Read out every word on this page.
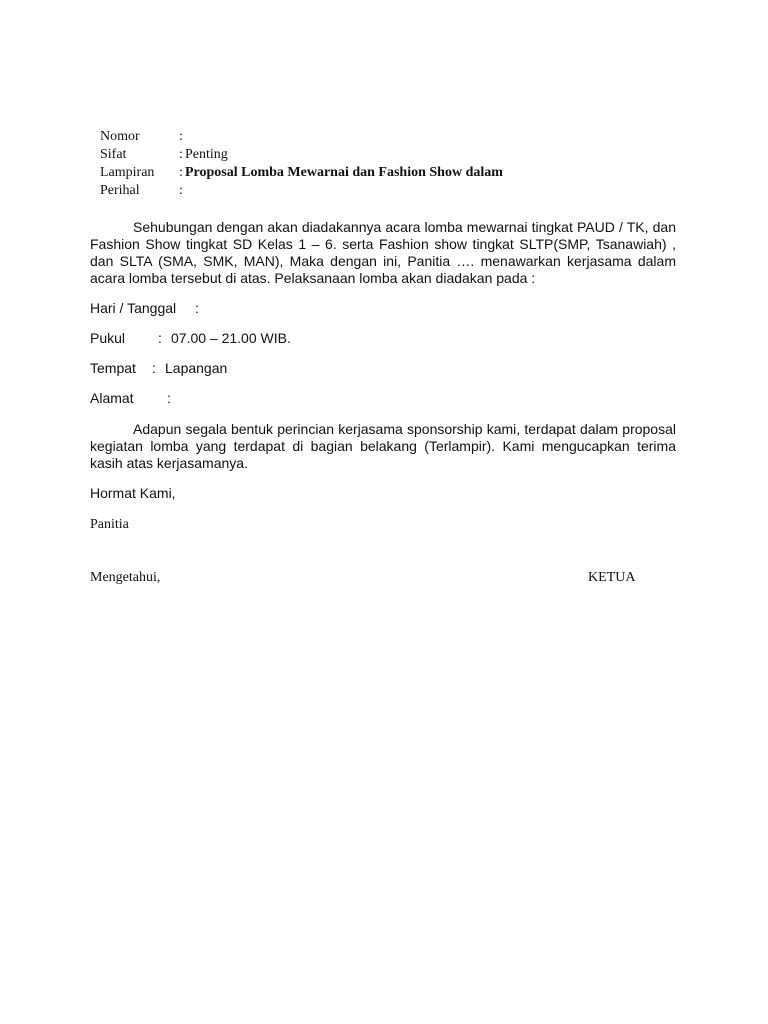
Nomor	:
Sifat	: Penting
Lampiran	: Proposal Lomba Mewarnai dan Fashion Show dalam
Perihal	:

Sehubungan dengan akan diadakannya acara lomba mewarnai tingkat PAUD / TK, dan Fashion Show tingkat SD Kelas 1 – 6. serta Fashion show tingkat SLTP(SMP, Tsanawiah) , dan SLTA (SMA, SMK, MAN), Maka dengan ini, Panitia …. menawarkan kerjasama dalam acara lomba tersebut di atas. Pelaksanaan lomba akan diadakan pada :

Hari / Tanggal	:
Pukul	: 07.00 – 21.00 WIB.
Tempat	: Lapangan
Alamat	:

Adapun segala bentuk perincian kerjasama sponsorship kami, terdapat dalam proposal kegiatan lomba yang terdapat di bagian belakang (Terlampir). Kami mengucapkan terima kasih atas kerjasamanya.

Hormat Kami,
Panitia
Mengetahui,	KETUA
